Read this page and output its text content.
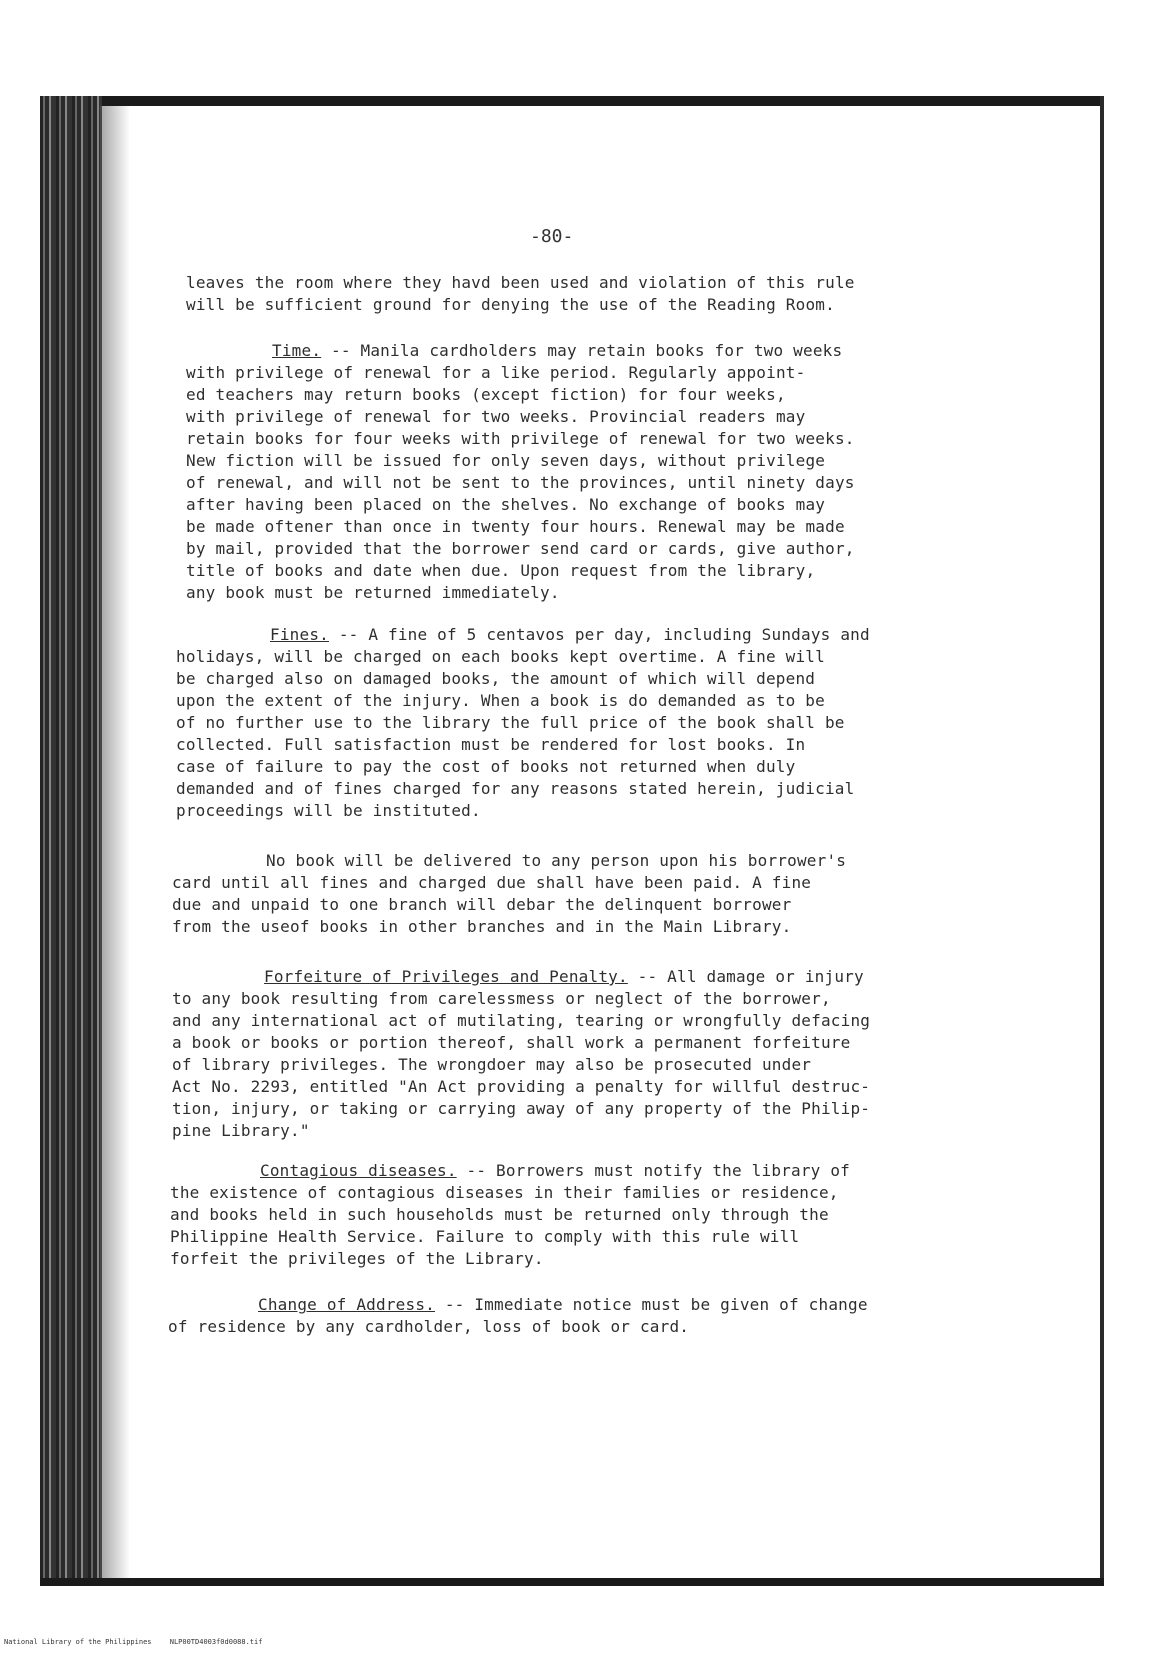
-80-
leaves the room where they havd been used and violation of this rule
will be sufficient ground for denying the use of the Reading Room.
Time. -- Manila cardholders may retain books for two weeks
with privilege of renewal for a like period. Regularly appoint-
ed teachers may return books (except fiction) for four weeks,
with privilege of renewal for two weeks. Provincial readers may
retain books for four weeks with privilege of renewal for two weeks.
New fiction will be issued for only seven days, without privilege
of renewal, and will not be sent to the provinces, until ninety days
after having been placed on the shelves. No exchange of books may
be made oftener than once in twenty four hours. Renewal may be made
by mail, provided that the borrower send card or cards, give author,
title of books and date when due. Upon request from the library,
any book must be returned immediately.
Fines. -- A fine of 5 centavos per day, including Sundays and
holidays, will be charged on each books kept overtime. A fine will
be charged also on damaged books, the amount of which will depend
upon the extent of the injury. When a book is do demanded as to be
of no further use to the library the full price of the book shall be
collected. Full satisfaction must be rendered for lost books. In
case of failure to pay the cost of books not returned when duly
demanded and of fines charged for any reasons stated herein, judicial
proceedings will be instituted.
No book will be delivered to any person upon his borrower's
card until all fines and charged due shall have been paid. A fine
due and unpaid to one branch will debar the delinquent borrower
from the useof books in other branches and in the Main Library.
Forfeiture of Privileges and Penalty. -- All damage or injury
to any book resulting from carelessmess or neglect of the borrower,
and any international act of mutilating, tearing or wrongfully defacing
a book or books or portion thereof, shall work a permanent forfeiture
of library privileges. The wrongdoer may also be prosecuted under
Act No. 2293, entitled "An Act providing a penalty for willful destruc-
tion, injury, or taking or carrying away of any property of the Philip-
pine Library."
Contagious diseases. -- Borrowers must notify the library of
the existence of contagious diseases in their families or residence,
and books held in such households must be returned only through the
Philippine Health Service. Failure to comply with this rule will
forfeit the privileges of the Library.
Change of Address. -- Immediate notice must be given of change
of residence by any cardholder, loss of book or card.
National Library of the Philippines	NLP00TD4003f0d0088.tif
